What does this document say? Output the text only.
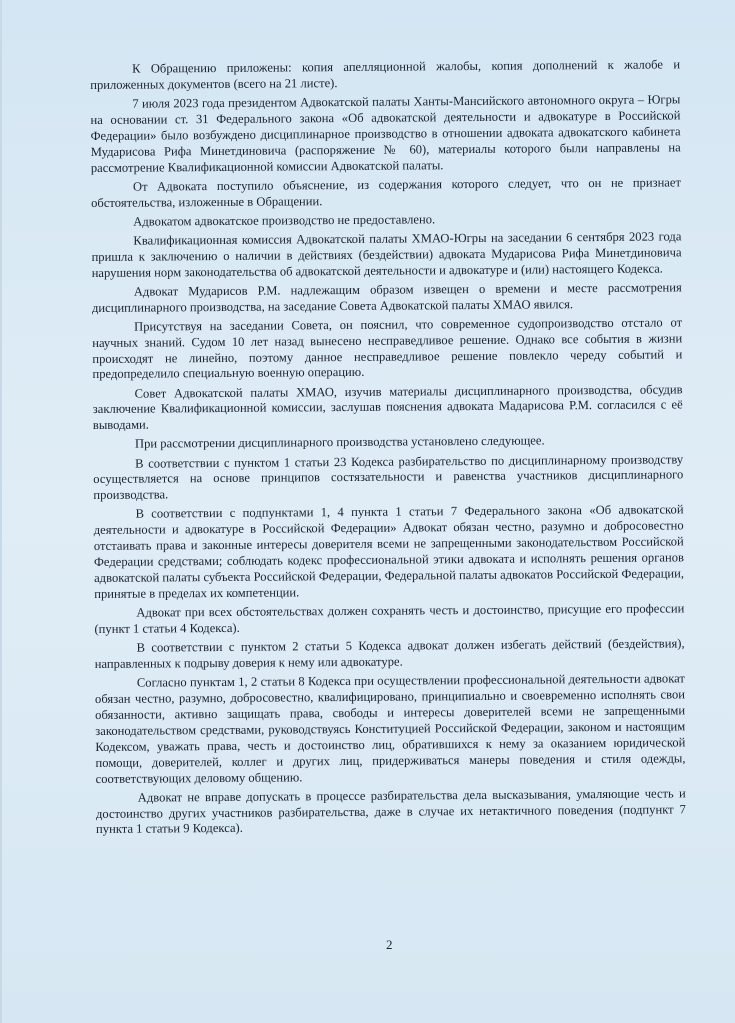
К Обращению приложены: копия апелляционной жалобы, копия дополнений к жалобе и приложенных документов (всего на 21 листе).

7 июля 2023 года президентом Адвокатской палаты Ханты-Мансийского автономного округа – Югры на основании ст. 31 Федерального закона «Об адвокатской деятельности и адвокатуре в Российской Федерации» было возбуждено дисциплинарное производство в отношении адвоката адвокатского кабинета Мударисова Рифа Минетдиновича (распоряжение № 60), материалы которого были направлены на рассмотрение Квалификационной комиссии Адвокатской палаты.

От Адвоката поступило объяснение, из содержания которого следует, что он не признает обстоятельства, изложенные в Обращении.

Адвокатом адвокатское производство не предоставлено.

Квалификационная комиссия Адвокатской палаты ХМАО-Югры на заседании 6 сентября 2023 года пришла к заключению о наличии в действиях (бездействии) адвоката Мударисова Рифа Минетдиновича нарушения норм законодательства об адвокатской деятельности и адвокатуре и (или) настоящего Кодекса.

Адвокат Мударисов Р.М. надлежащим образом извещен о времени и месте рассмотрения дисциплинарного производства, на заседание Совета Адвокатской палаты ХМАО явился.

Присутствуя на заседании Совета, он пояснил, что современное судопроизводство отстало от научных знаний. Судом 10 лет назад вынесено несправедливое решение. Однако все события в жизни происходят не линейно, поэтому данное несправедливое решение повлекло череду событий и предопределило специальную военную операцию.

Совет Адвокатской палаты ХМАО, изучив материалы дисциплинарного производства, обсудив заключение Квалификационной комиссии, заслушав пояснения адвоката Мадарисова Р.М. согласился с её выводами.

При рассмотрении дисциплинарного производства установлено следующее.

В соответствии с пунктом 1 статьи 23 Кодекса разбирательство по дисциплинарному производству осуществляется на основе принципов состязательности и равенства участников дисциплинарного производства.

В соответствии с подпунктами 1, 4 пункта 1 статьи 7 Федерального закона «Об адвокатской деятельности и адвокатуре в Российской Федерации» Адвокат обязан честно, разумно и добросовестно отстаивать права и законные интересы доверителя всеми не запрещенными законодательством Российской Федерации средствами; соблюдать кодекс профессиональной этики адвоката и исполнять решения органов адвокатской палаты субъекта Российской Федерации, Федеральной палаты адвокатов Российской Федерации, принятые в пределах их компетенции.

Адвокат при всех обстоятельствах должен сохранять честь и достоинство, присущие его профессии (пункт 1 статьи 4 Кодекса).

В соответствии с пунктом 2 статьи 5 Кодекса адвокат должен избегать действий (бездействия), направленных к подрыву доверия к нему или адвокатуре.

Согласно пунктам 1, 2 статьи 8 Кодекса при осуществлении профессиональной деятельности адвокат обязан честно, разумно, добросовестно, квалифицировано, принципиально и своевременно исполнять свои обязанности, активно защищать права, свободы и интересы доверителей всеми не запрещенными законодательством средствами, руководствуясь Конституцией Российской Федерации, законом и настоящим Кодексом, уважать права, честь и достоинство лиц, обратившихся к нему за оказанием юридической помощи, доверителей, коллег и других лиц, придерживаться манеры поведения и стиля одежды, соответствующих деловому общению.

Адвокат не вправе допускать в процессе разбирательства дела высказывания, умаляющие честь и достоинство других участников разбирательства, даже в случае их нетактичного поведения (подпункт 7 пункта 1 статьи 9 Кодекса).

2
